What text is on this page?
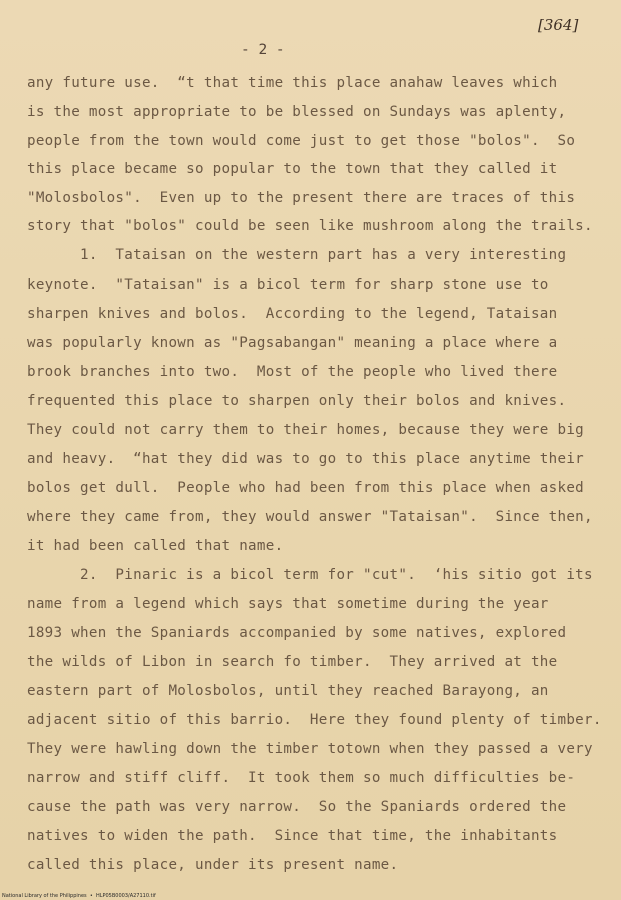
[364]
- 2 -
any future use.  “t that time this place anahaw leaves which
is the most appropriate to be blessed on Sundays was aplenty,
people from the town would come just to get those "bolos".  So
this place became so popular to the town that they called it
"Molosbolos".  Even up to the present there are traces of this
story that "bolos" could be seen like mushroom along the trails.
1.  Tataisan on the western part has a very interesting
keynote.  "Tataisan" is a bicol term for sharp stone use to
sharpen knives and bolos.  According to the legend, Tataisan
was popularly known as "Pagsabangan" meaning a place where a
brook branches into two.  Most of the people who lived there
frequented this place to sharpen only their bolos and knives.
They could not carry them to their homes, because they were big
and heavy.  “hat they did was to go to this place anytime their
bolos get dull.  People who had been from this place when asked
where they came from, they would answer "Tataisan".  Since then,
it had been called that name.
2.  Pinaric is a bicol term for "cut".  ‘his sitio got its
name from a legend which says that sometime during the year
1893 when the Spaniards accompanied by some natives, explored
the wilds of Libon in search fo timber.  They arrived at the
eastern part of Molosbolos, until they reached Barayong, an
adjacent sitio of this barrio.  Here they found plenty of timber.
They were hawling down the timber totown when they passed a very
narrow and stiff cliff.  It took them so much difficulties be-
cause the path was very narrow.  So the Spaniards ordered the
natives to widen the path.  Since that time, the inhabitants
called this place, under its present name.
National Library of the Philippines  •  HLP05B0003/A27110.tif
